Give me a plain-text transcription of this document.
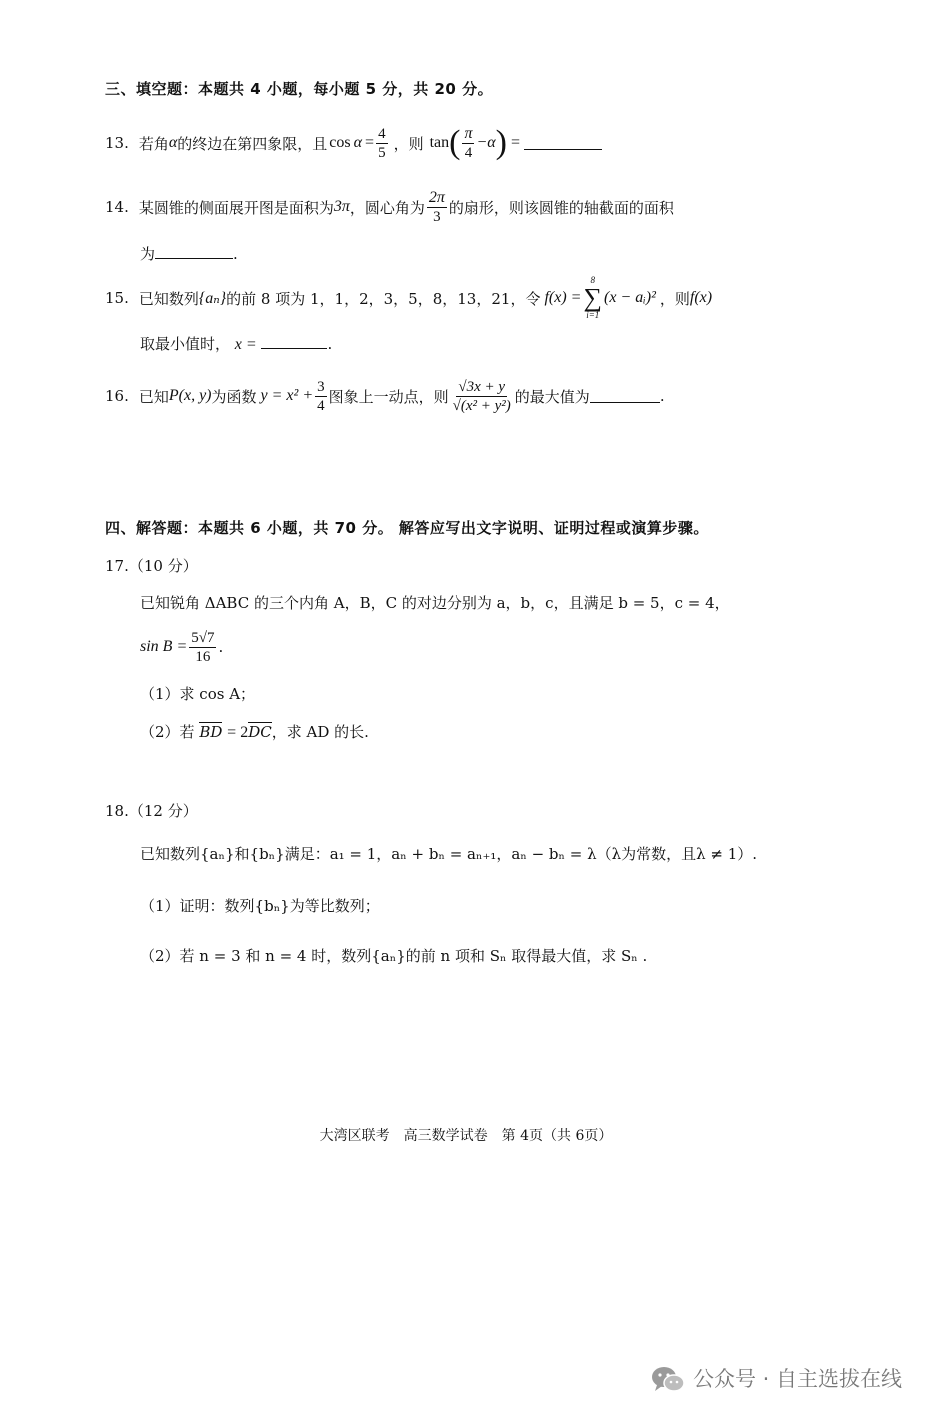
三、填空题：本题共 4 小题，每小题 5 分，共 20 分。
13. 若角 α 的终边在第四象限，且 $\cos \alpha = \frac{4}{5}$ ，则 tan ( $\frac{\pi}{4} -\alpha$ ) =
14. 某圆锥的侧面展开图是面积为 3π ，圆心角为 $\frac{2\pi}{3}$ 的扇形，则该圆锥的轴截面的面积
为	.
15. 已知数列 {aₙ} 的前 8 项为 1，1，2，3，5，8，13，21，令 f(x) =
8
∑
i=1
(x − aᵢ)² ，则 f(x)
取最小值时， x =	.
16. 已知 P(x, y) 为函数 $y = x^2 + \frac{3}{4}$ 图象上一动点，则 $\frac{√3x + y}{\text{√(x² + y²)}}$ 的最大值为	.
四、解答题：本题共 6 小题，共 70 分。 解答应写出文字说明、证明过程或演算步骤。
17.（10 分）
已知锐角 ΔABC 的三个内角 A，B，C 的对边分别为 a，b，c，且满足 b = 5，c = 4，
$\sin B = \frac{5√7}{16}$ .
（1）求 cos A；
（2）若 BD = 2DC，求 AD 的长.
18.（12 分）
已知数列{aₙ}和{bₙ}满足：a₁ = 1，aₙ + bₙ = aₙ₊₁，aₙ − bₙ = λ（λ为常数，且λ ≠ 1）.
（1）证明：数列{bₙ}为等比数列；
（2）若 n = 3 和 n = 4 时，数列{aₙ}的前 n 项和 Sₙ 取得最大值，求 Sₙ .
大湾区联考　高三数学试卷　第 4页（共 6页）
公众号 · 自主选拔在线
